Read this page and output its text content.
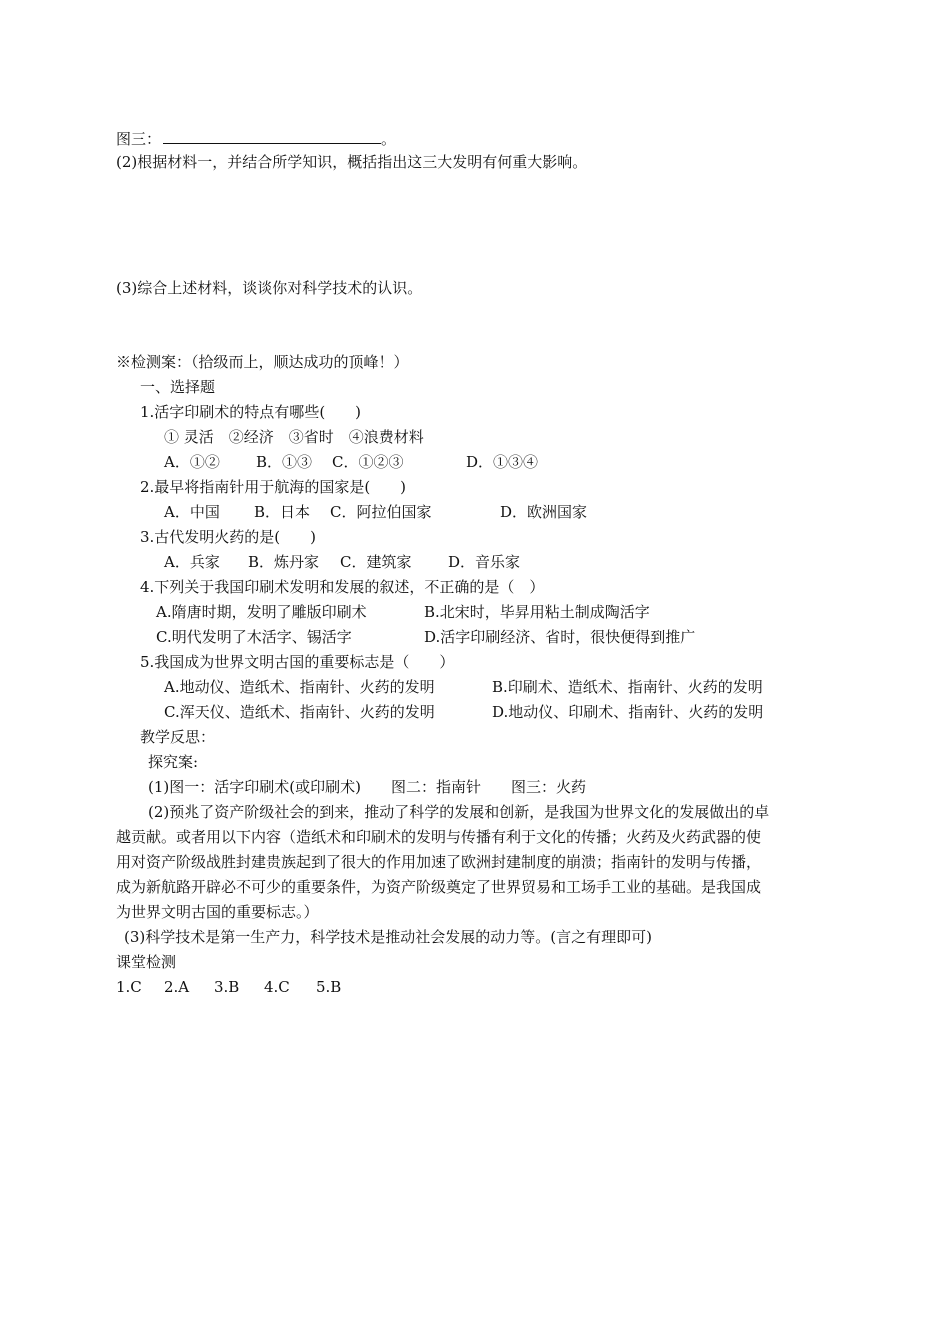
图三：	。
(2)根据材料一，并结合所学知识，概括指出这三大发明有何重大影响。
(3)综合上述材料，谈谈你对科学技术的认识。
※检测案：（拾级而上，顺达成功的顶峰！）
一、选择题
1.活字印刷术的特点有哪些(　　)
① 灵活　②经济　③省时　④浪费材料
A．①② B．①③ C．①②③	D．①③④
2.最早将指南针用于航海的国家是(　　)
A．中国 B．日本 C．阿拉伯国家	D．欧洲国家
3.古代发明火药的是(　　)
A．兵家 B．炼丹家 C．建筑家 D．音乐家
4.下列关于我国印刷术发明和发展的叙述，不正确的是（　）
A.隋唐时期，发明了雕版印刷术	B.北宋时，毕昇用粘土制成陶活字
C.明代发明了木活字、锡活字	D.活字印刷经济、省时，很快便得到推广
5.我国成为世界文明古国的重要标志是（　　）
A.地动仪、造纸术、指南针、火药的发明	B.印刷术、造纸术、指南针、火药的发明
C.浑天仪、造纸术、指南针、火药的发明	D.地动仪、印刷术、指南针、火药的发明
教学反思：
探究案:
(1)图一：活字印刷术(或印刷术)　　图二：指南针　　图三：火药
(2)预兆了资产阶级社会的到来，推动了科学的发展和创新，是我国为世界文化的发展做出的卓
越贡献。或者用以下内容（造纸术和印刷术的发明与传播有利于文化的传播；火药及火药武器的使
用对资产阶级战胜封建贵族起到了很大的作用加速了欧洲封建制度的崩溃；指南针的发明与传播，
成为新航路开辟必不可少的重要条件，为资产阶级奠定了世界贸易和工场手工业的基础。是我国成
为世界文明古国的重要标志。）
(3)科学技术是第一生产力，科学技术是推动社会发展的动力等。(言之有理即可)
课堂检测
1.C 2.A 3.B 4.C 5.B
